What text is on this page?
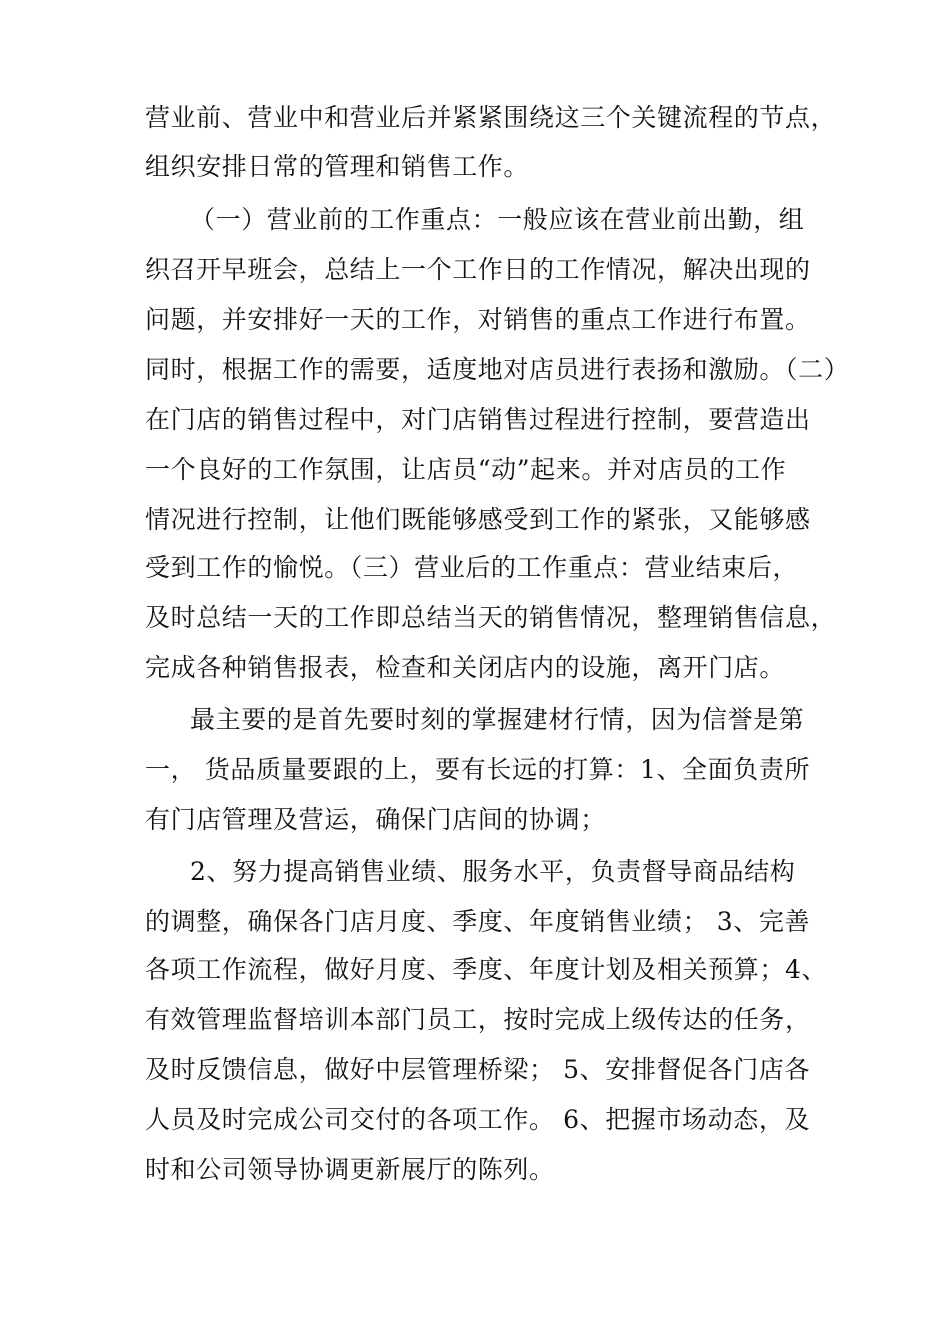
营业前、营业中和营业后并紧紧围绕这三个关键流程的节点，
组织安排日常的管理和销售工作。
（一）营业前的工作重点：一般应该在营业前出勤，组
织召开早班会，总结上一个工作日的工作情况，解决出现的
问题，并安排好一天的工作，对销售的重点工作进行布置。
同时，根据工作的需要，适度地对店员进行表扬和激励。（二）
在门店的销售过程中，对门店销售过程进行控制，要营造出
一个良好的工作氛围，让店员“动”起来。并对店员的工作
情况进行控制，让他们既能够感受到工作的紧张，又能够感
受到工作的愉悦。（三）营业后的工作重点：营业结束后，
及时总结一天的工作即总结当天的销售情况，整理销售信息，
完成各种销售报表，检查和关闭店内的设施，离开门店。
最主要的是首先要时刻的掌握建材行情，因为信誉是第
一， 货品质量要跟的上，要有长远的打算：1、全面负责所
有门店管理及营运，确保门店间的协调；
2、努力提高销售业绩、服务水平，负责督导商品结构
的调整，确保各门店月度、季度、年度销售业绩； 3、完善
各项工作流程，做好月度、季度、年度计划及相关预算；4、
有效管理监督培训本部门员工，按时完成上级传达的任务，
及时反馈信息，做好中层管理桥梁； 5、安排督促各门店各
人员及时完成公司交付的各项工作。 6、把握市场动态，及
时和公司领导协调更新展厅的陈列。
